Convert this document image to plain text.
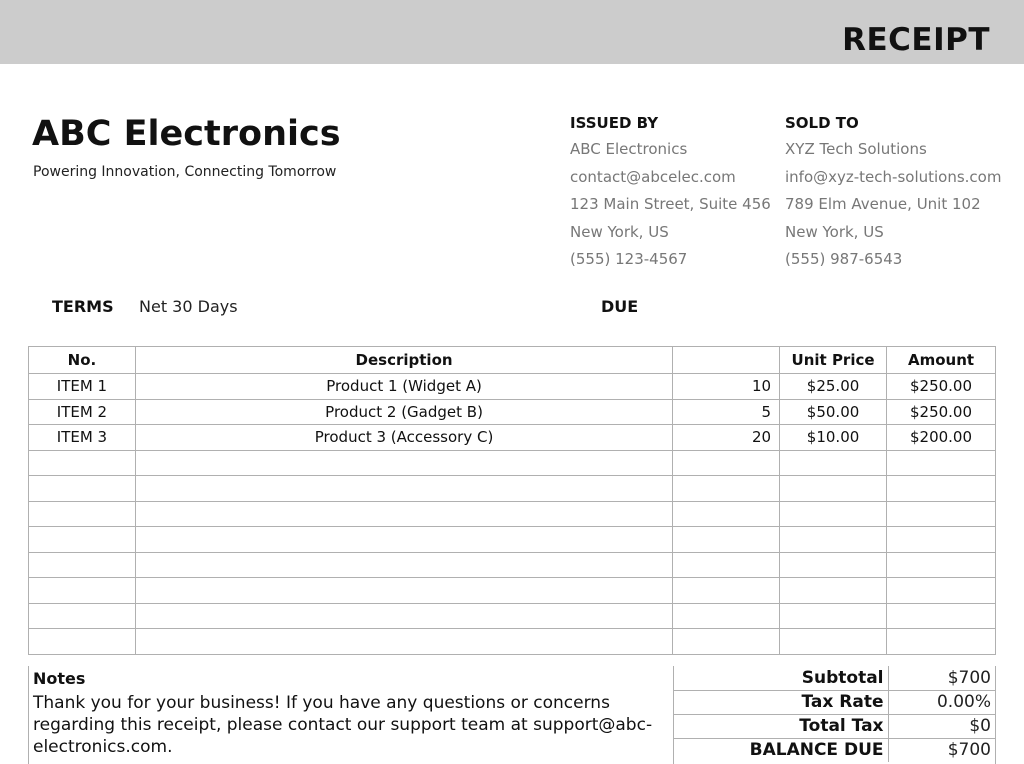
RECEIPT
ABC Electronics
Powering Innovation, Connecting Tomorrow
ISSUED BY
ABC Electronics
contact@abcelec.com
123 Main Street, Suite 456
New York, US
(555) 123-4567
SOLD TO
XYZ Tech Solutions
info@xyz-tech-solutions.com
789 Elm Avenue, Unit 102
New York, US
(555) 987-6543
TERMS Net 30 Days	DUE
No.	Description		Unit Price	Amount
ITEM 1	Product 1 (Widget A)	10	$25.00	$250.00
ITEM 2	Product 2 (Gadget B)	5	$50.00	$250.00
ITEM 3	Product 3 (Accessory C)	20	$10.00	$200.00

Notes
Thank you for your business! If you have any questions or concerns regarding this receipt, please contact our support team at support@abc-electronics.com.
Subtotal	$700
Tax Rate	0.00%
Total Tax	$0
BALANCE DUE	$700
